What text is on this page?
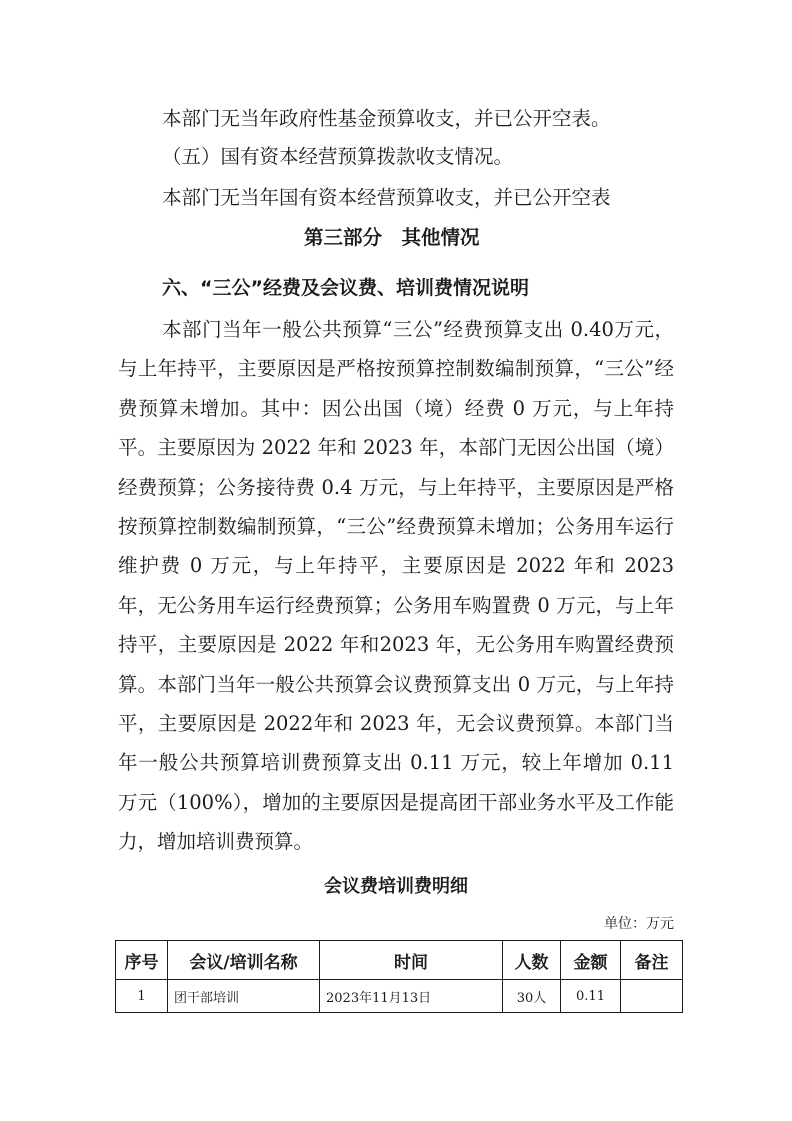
本部门无当年政府性基金预算收支，并已公开空表。
（五）国有资本经营预算拨款收支情况。
本部门无当年国有资本经营预算收支，并已公开空表
第三部分　其他情况
六、“三公”经费及会议费、培训费情况说明

本部门当年一般公共预算“三公”经费预算支出 0.40万元，与上年持平，主要原因是严格按预算控制数编制预算，“三公”经费预算未增加。其中：因公出国（境）经费 0 万元，与上年持平。主要原因为 2022 年和 2023 年，本部门无因公出国（境）经费预算；公务接待费 0.4 万元，与上年持平，主要原因是严格按预算控制数编制预算，“三公”经费预算未增加；公务用车运行维护费 0 万元，与上年持平，主要原因是 2022 年和 2023 年，无公务用车运行经费预算；公务用车购置费 0 万元，与上年持平，主要原因是 2022 年和2023 年，无公务用车购置经费预算。本部门当年一般公共预算会议费预算支出 0 万元，与上年持平，主要原因是 2022年和 2023 年，无会议费预算。本部门当年一般公共预算培训费预算支出 0.11 万元，较上年增加 0.11 万元（100%），增加的主要原因是提高团干部业务水平及工作能力，增加培训费预算。

会议费培训费明细
单位：万元
序号	会议/培训名称	时间	人数	金额	备注
1	团干部培训	2023年11月13日	30人	0.11	
